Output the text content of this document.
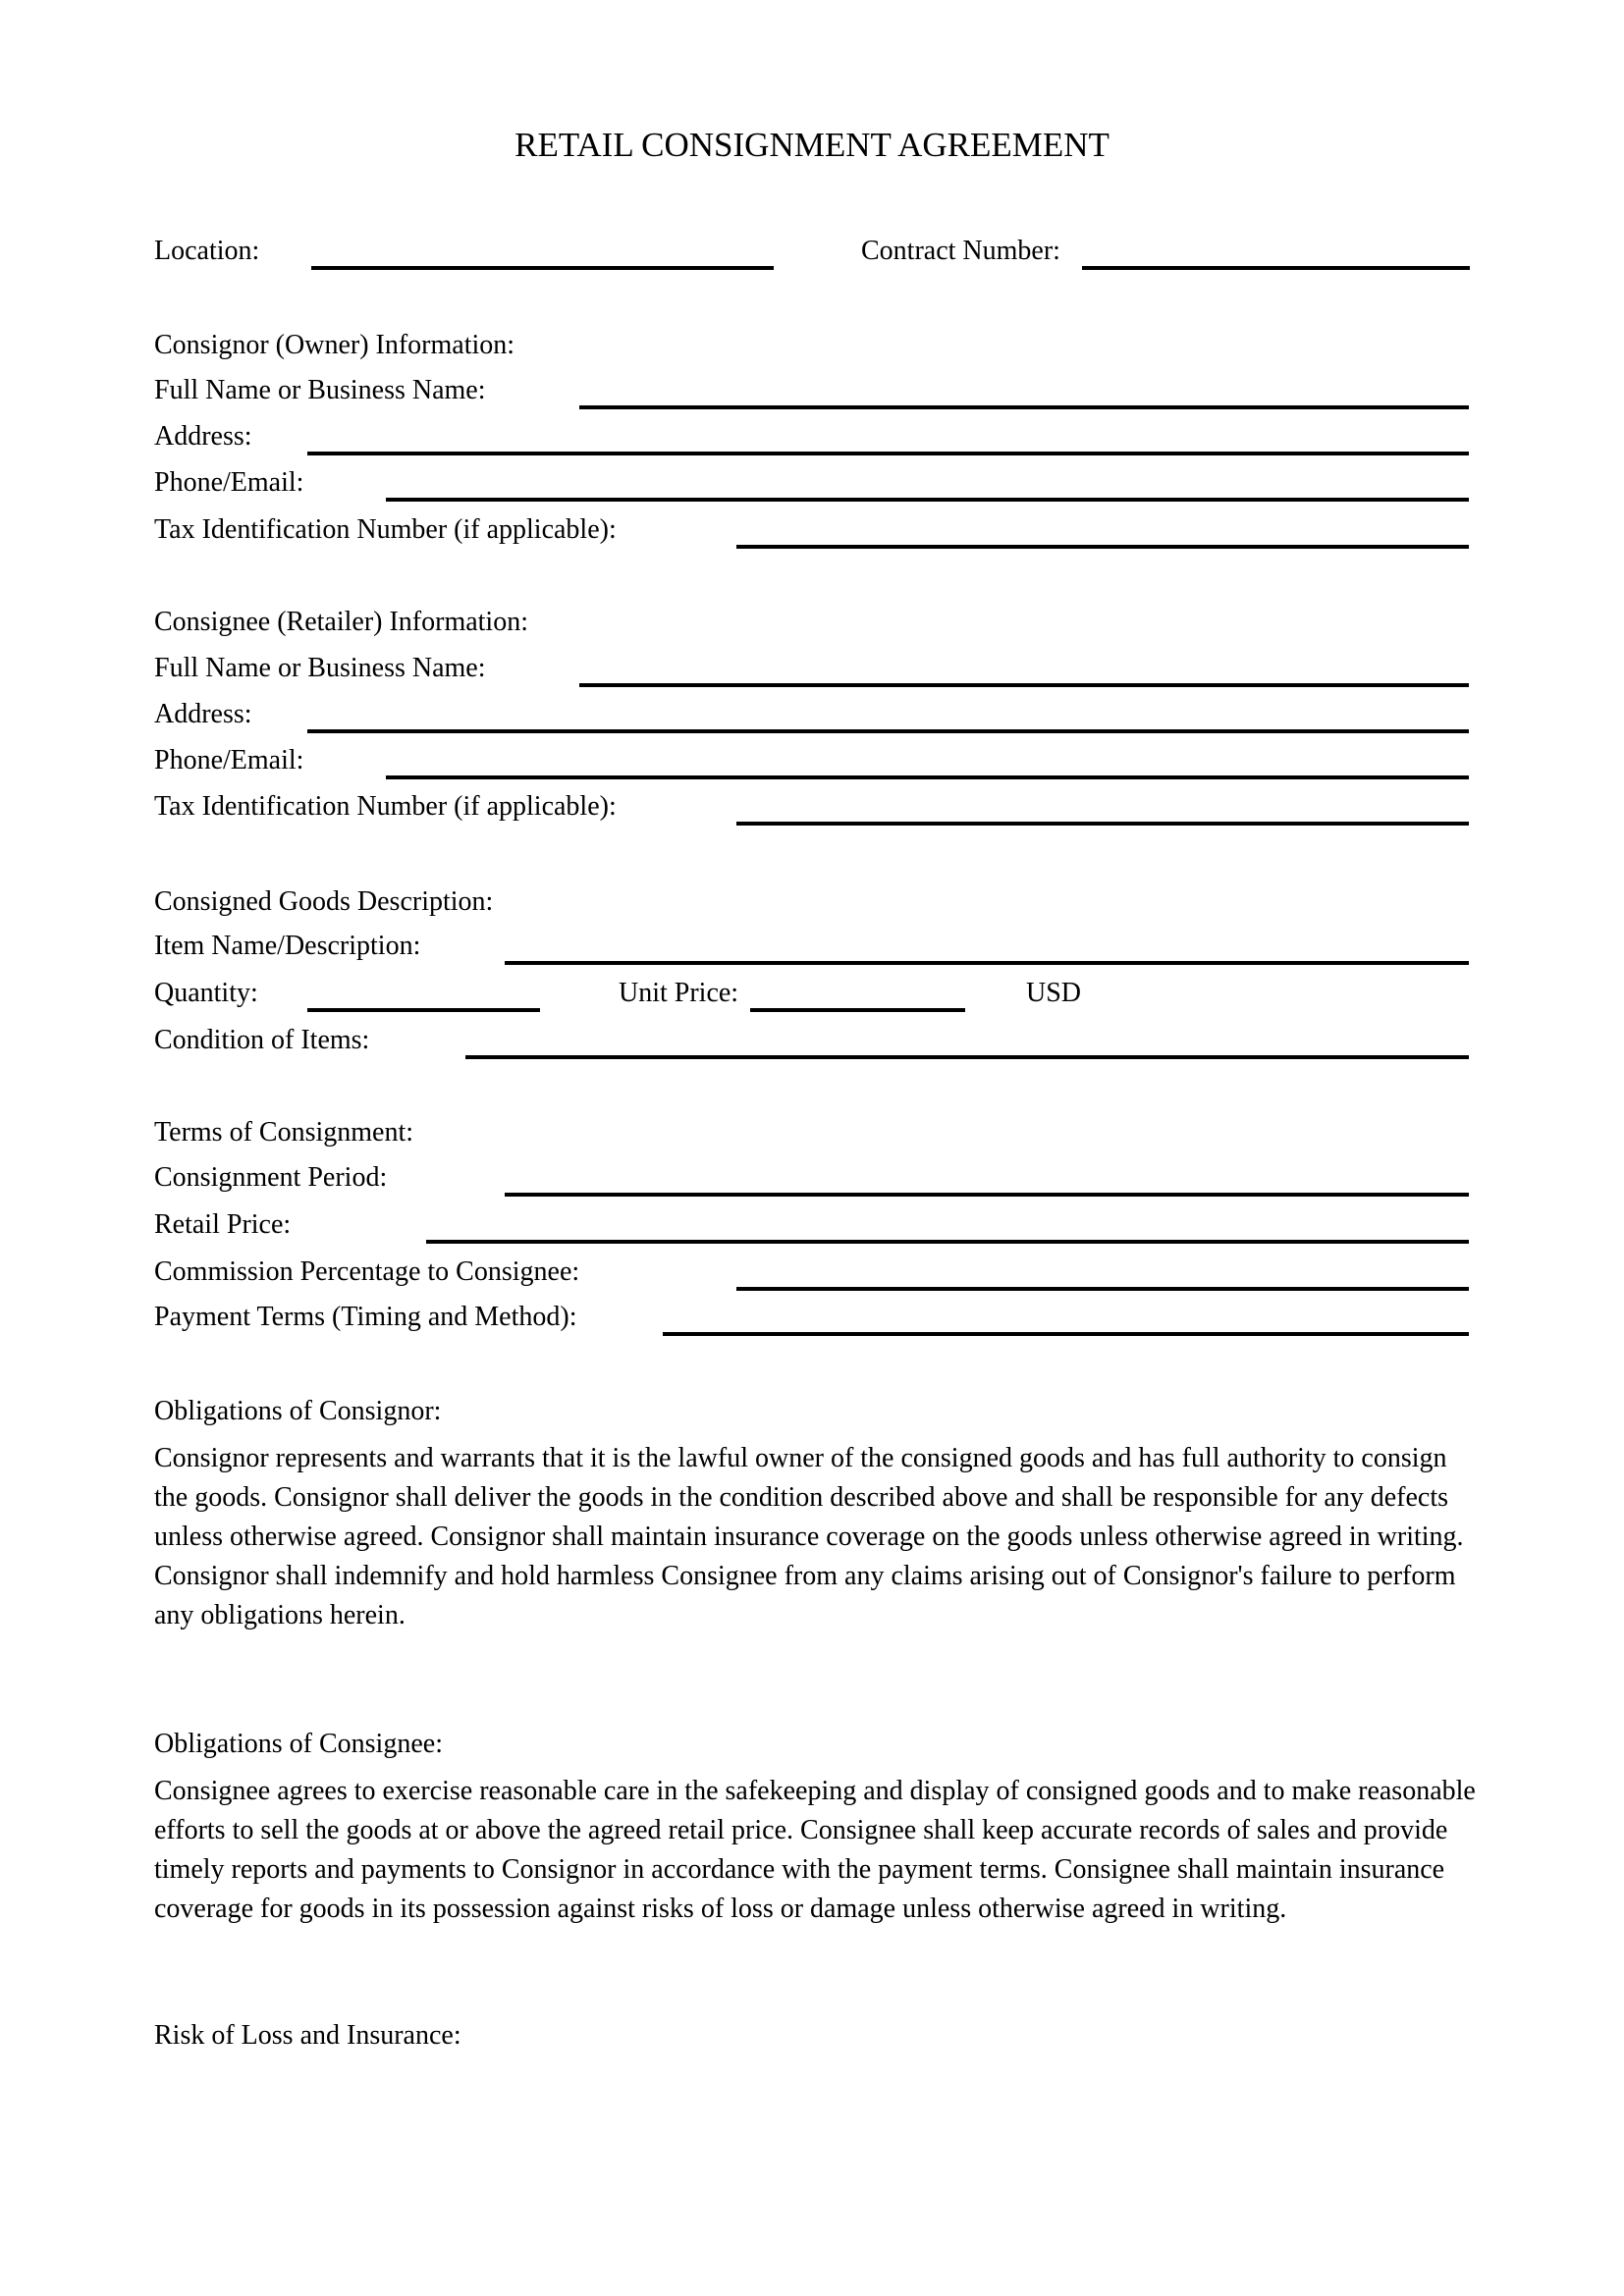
RETAIL CONSIGNMENT AGREEMENT
Location:	Contract Number:
Consignor (Owner) Information:
Full Name or Business Name:
Address:
Phone/Email:
Tax Identification Number (if applicable):
Consignee (Retailer) Information:
Full Name or Business Name:
Address:
Phone/Email:
Tax Identification Number (if applicable):
Consigned Goods Description:
Item Name/Description:
Quantity:	Unit Price:	USD
Condition of Items:
Terms of Consignment:
Consignment Period:
Retail Price:
Commission Percentage to Consignee:
Payment Terms (Timing and Method):
Obligations of Consignor:

Consignor represents and warrants that it is the lawful owner of the consigned goods and has full authority to consign the goods. Consignor shall deliver the goods in the condition described above and shall be responsible for any defects unless otherwise agreed. Consignor shall maintain insurance coverage on the goods unless otherwise agreed in writing. Consignor shall indemnify and hold harmless Consignee from any claims arising out of Consignor's failure to perform any obligations herein.

Obligations of Consignee:

Consignee agrees to exercise reasonable care in the safekeeping and display of consigned goods and to make reasonable efforts to sell the goods at or above the agreed retail price. Consignee shall keep accurate records of sales and provide timely reports and payments to Consignor in accordance with the payment terms. Consignee shall maintain insurance coverage for goods in its possession against risks of loss or damage unless otherwise agreed in writing.

Risk of Loss and Insurance:
